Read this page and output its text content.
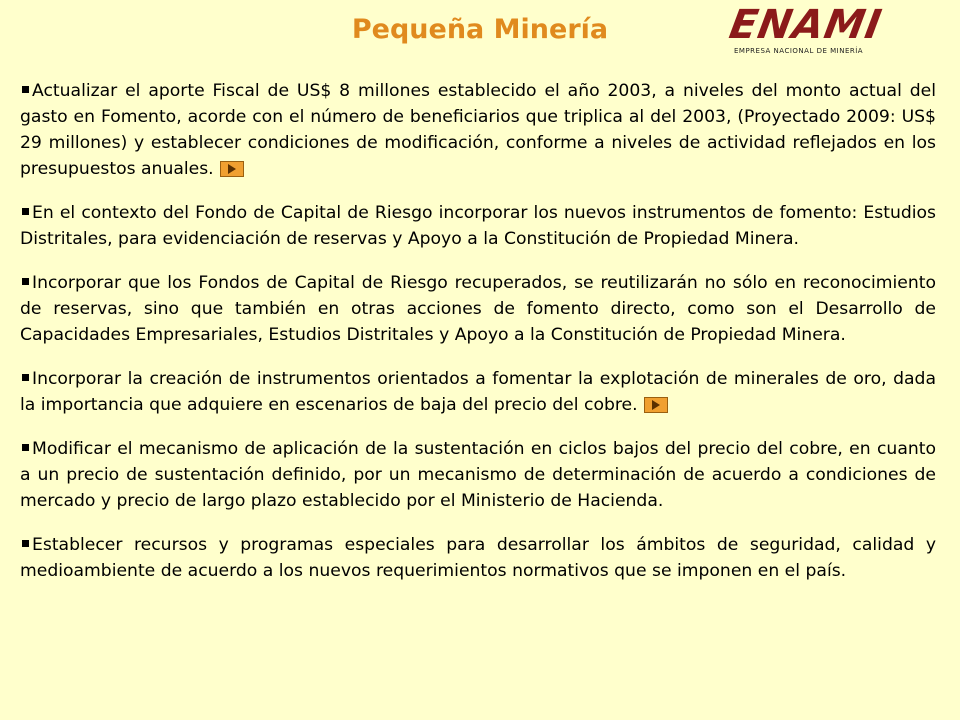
Pequeña Minería	ENAMI
EMPRESA NACIONAL DE MINERÍA

Actualizar el aporte Fiscal de US$ 8 millones establecido el año 2003, a niveles del monto actual del gasto en Fomento, acorde con el número de beneficiarios que triplica al del 2003, (Proyectado 2009: US$ 29 millones) y establecer condiciones de modificación, conforme a niveles de actividad reflejados en los presupuestos anuales.

En el contexto del Fondo de Capital de Riesgo incorporar los nuevos instrumentos de fomento: Estudios Distritales, para evidenciación de reservas y Apoyo a la Constitución de Propiedad Minera.

Incorporar que los Fondos de Capital de Riesgo recuperados, se reutilizarán no sólo en reconocimiento de reservas, sino que también en otras acciones de fomento directo, como son el Desarrollo de Capacidades Empresariales, Estudios Distritales y Apoyo a la Constitución de Propiedad Minera.

Incorporar la creación de instrumentos orientados a fomentar la explotación de minerales de oro, dada la importancia que adquiere en escenarios de baja del precio del cobre.

Modificar el mecanismo de aplicación de la sustentación en ciclos bajos del precio del cobre, en cuanto a un precio de sustentación definido, por un mecanismo de determinación de acuerdo a condiciones de mercado y precio de largo plazo establecido por el Ministerio de Hacienda.

Establecer recursos y programas especiales para desarrollar los ámbitos de seguridad, calidad y medioambiente de acuerdo a los nuevos requerimientos normativos que se imponen en el país.
